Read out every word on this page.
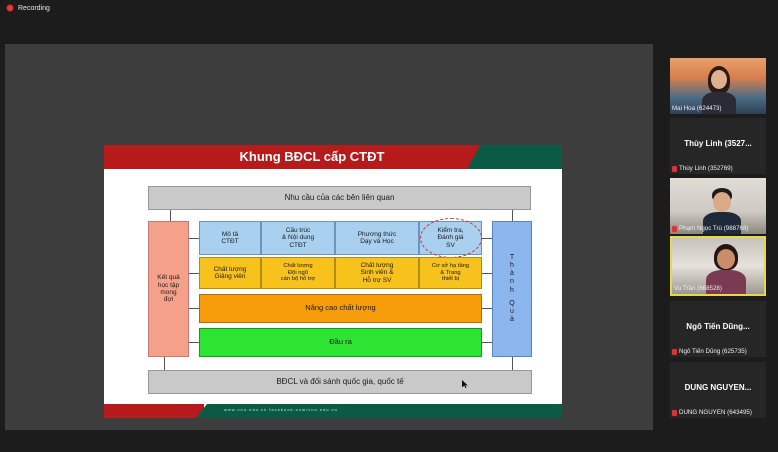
Recording
Khung BĐCL cấp CTĐT
Nhu cầu của các bên liên quan
Kết quả
học tập
mong
đợi
T
h
à
n
h
Q
u
ả
Mô tả
CTĐT
Cấu trúc
& Nội dung
CTĐT
Phương thức
Dạy và Học
Kiểm tra,
Đánh giá
SV
Chất lượng
Giảng viên
Chất lượng
Đội ngũ
cán bộ hỗ trợ
Chất lượng
Sinh viên &
Hỗ trợ SV
Cơ sở hạ tầng
& Trang
thiết bị
Nâng cao chất lượng
Đầu ra
BĐCL và đối sánh quốc gia, quốc tế
www.vnu.edu.vn facebook.com/vnu.edu.vn
Mai Hoa (624473)
Thùy Linh (3527...
Thùy Linh (352769)
Phạm Ngọc Trù (988768)
Vu Trần (668528)
Ngô Tiến Dũng...
Ngô Tiến Dũng (625735)
DUNG NGUYEN...
DUNG NGUYEN (643495)
